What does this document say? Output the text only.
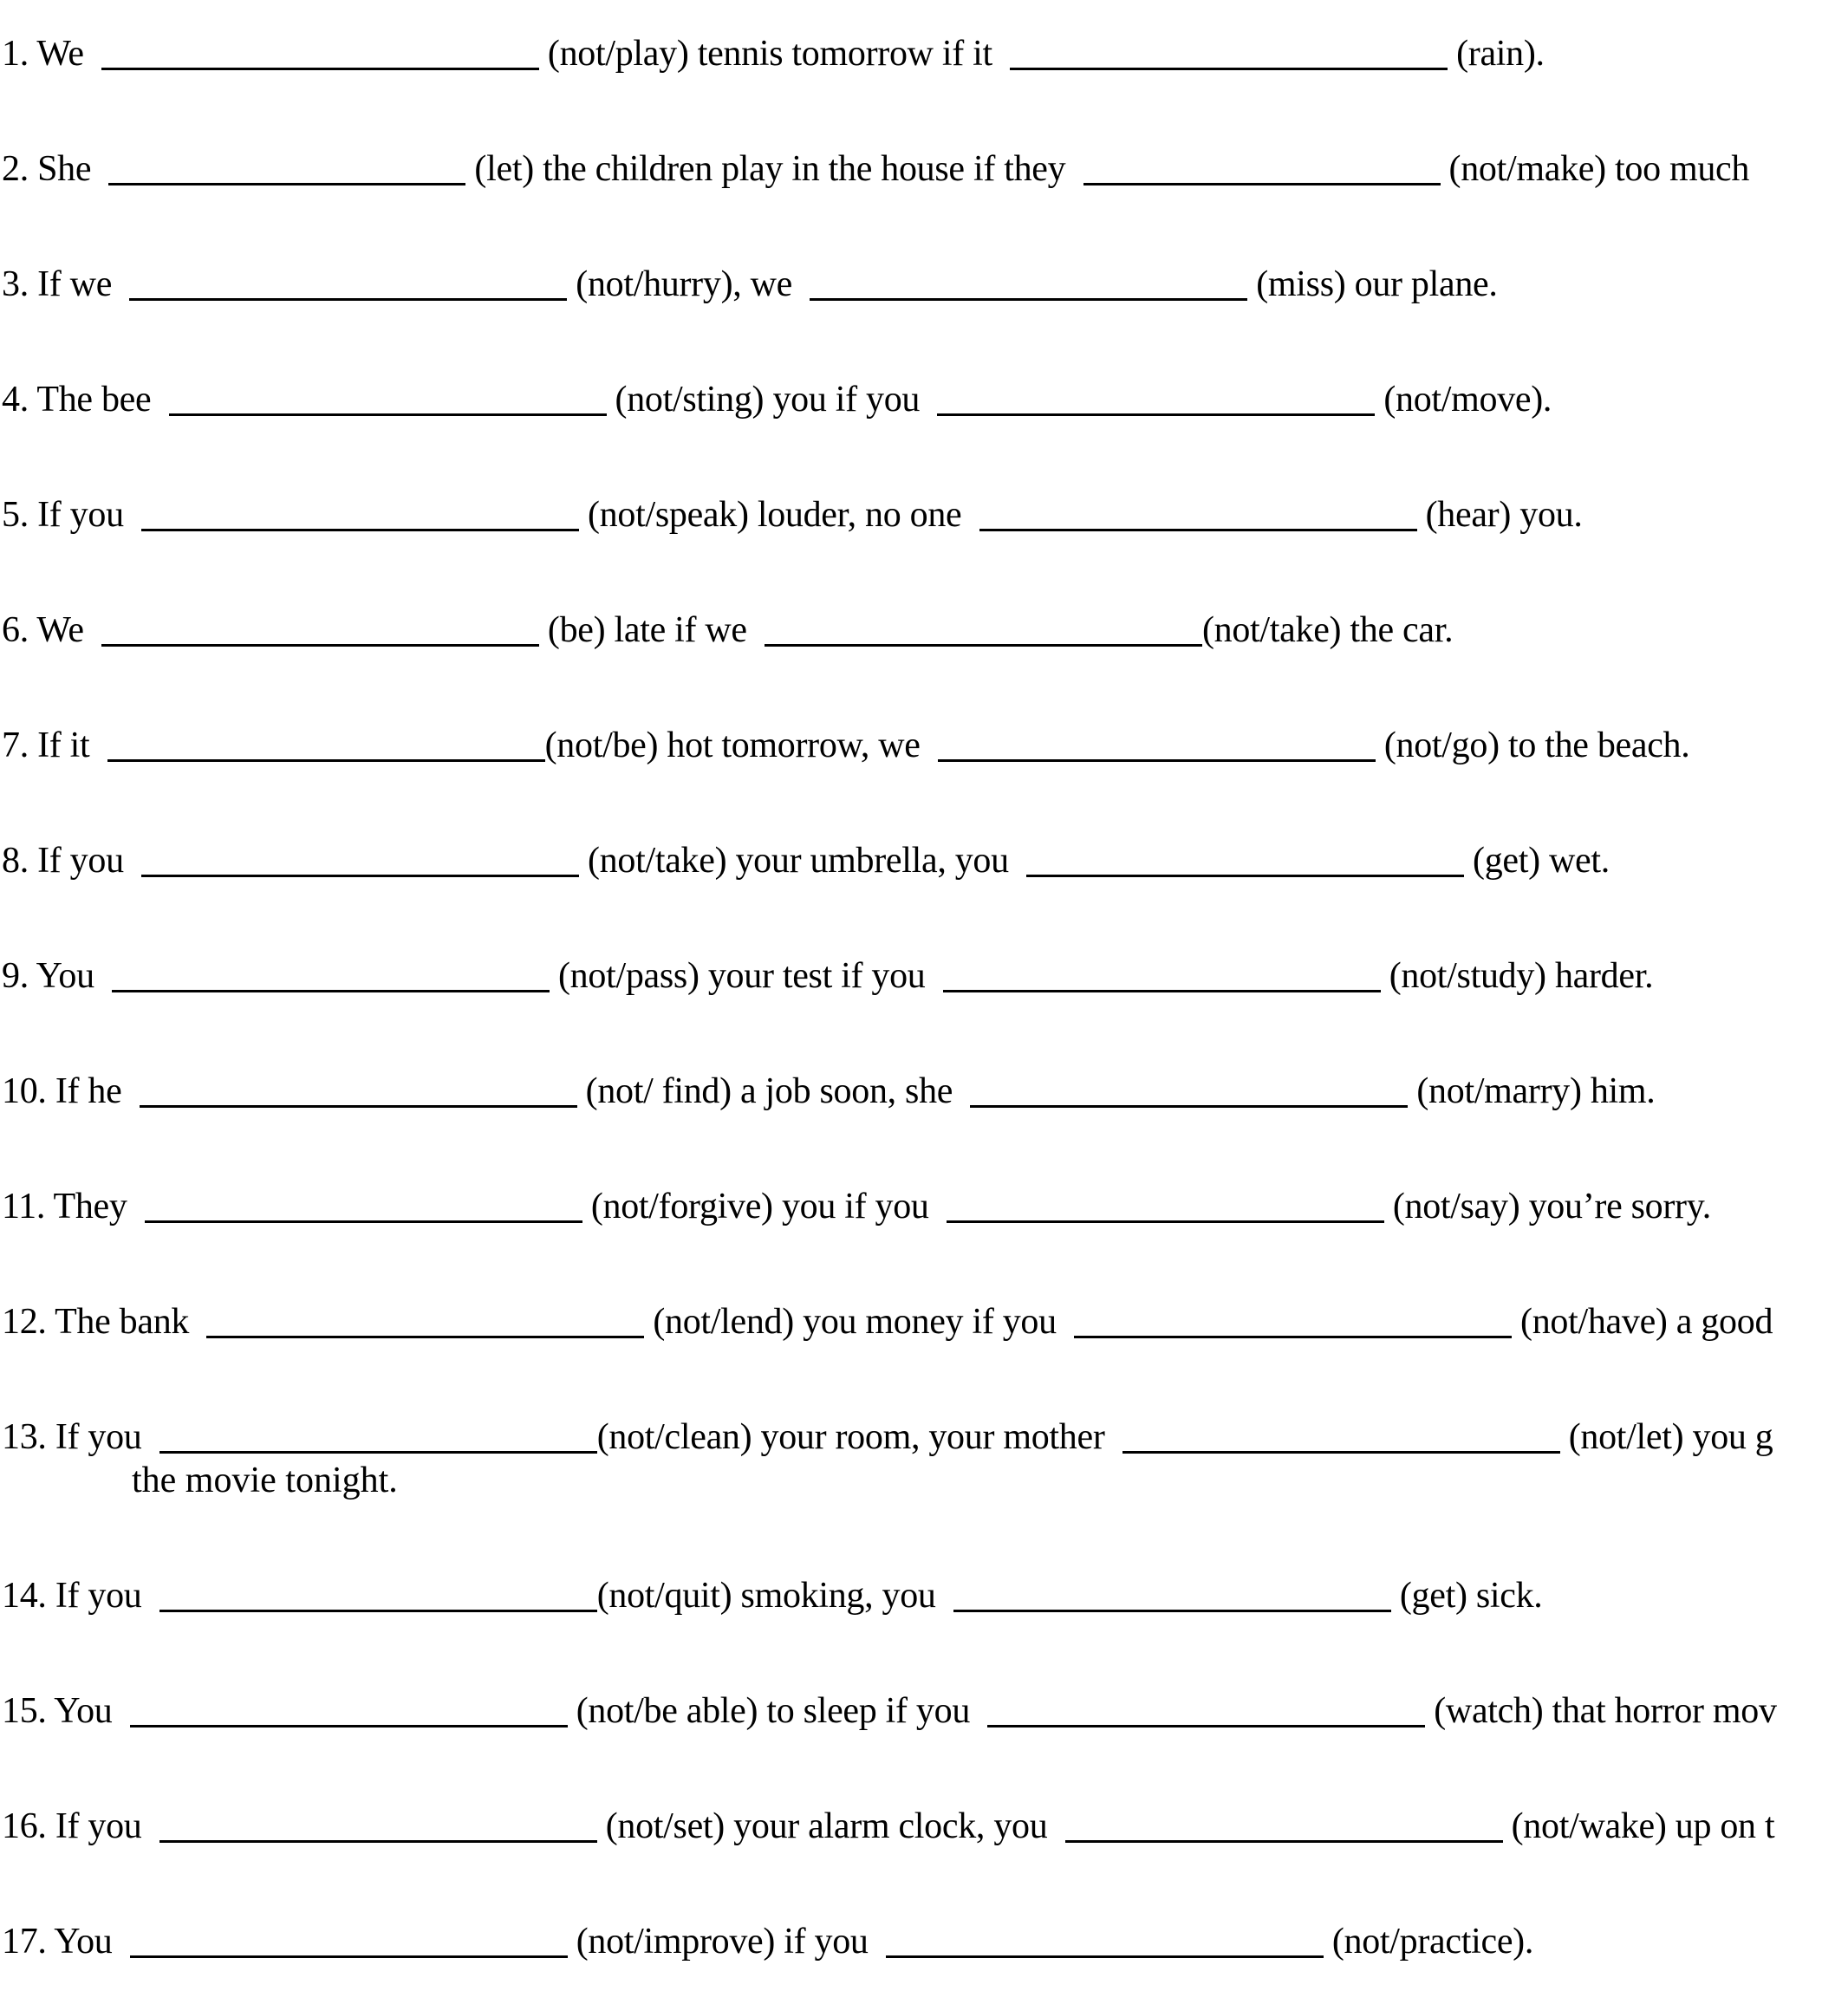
1. We	(not/play) tennis tomorrow if it	(rain).
2. She	(let) the children play in the house if they	(not/make) too much
3. If we	(not/hurry), we	(miss) our plane.
4. The bee	(not/sting) you if you	(not/move).
5. If you	(not/speak) louder, no one	(hear) you.
6. We	(be) late if we	(not/take) the car.
7. If it	(not/be) hot tomorrow, we	(not/go) to the beach.
8. If you	(not/take) your umbrella, you	(get) wet.
9. You	(not/pass) your test if you	(not/study) harder.
10. If he	(not/ find) a job soon, she	(not/marry) him.
11. They	(not/forgive) you if you	(not/say) you’re sorry.
12. The bank	(not/lend) you money if you	(not/have) a good
13. If you	(not/clean) your room, your mother	(not/let) you g
the movie tonight.
14. If you	(not/quit) smoking, you	(get) sick.
15. You	(not/be able) to sleep if you	(watch) that horror mov
16. If you	(not/set) your alarm clock, you	(not/wake) up on t
17. You	(not/improve) if you	(not/practice).
